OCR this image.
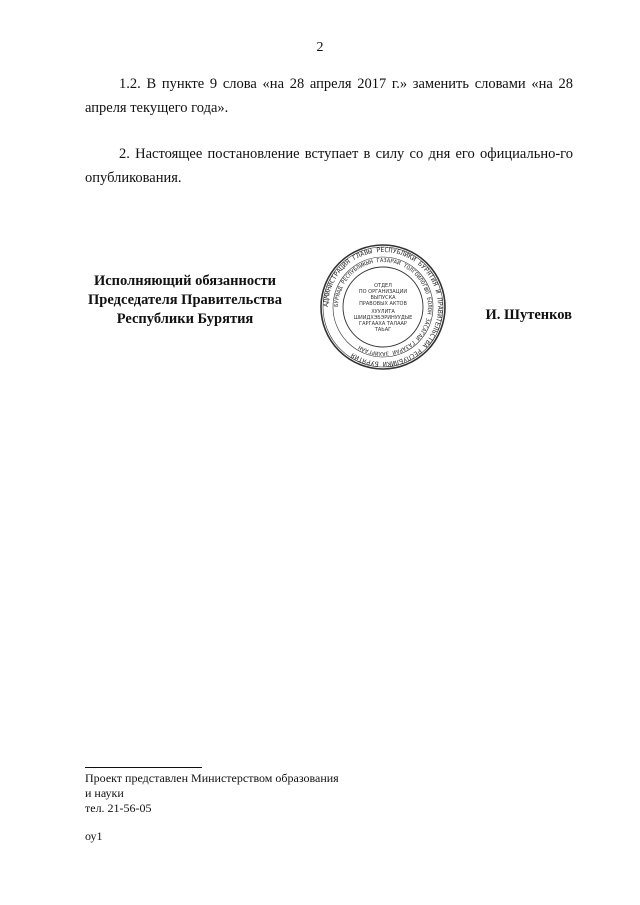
2
1.2. В пункте 9 слова «на 28 апреля 2017 г.» заменить словами «на 28 апреля текущего года».
2. Настоящее постановление вступает в силу со дня его официально-го опубликования.
Исполняющий обязанности
Председателя Правительства
Республики Бурятия
АДМИНИСТРАЦИЯ ГЛАВЫ РЕСПУБЛИКИ БУРЯТИЯ И ПРАВИТЕЛЬСТВА РЕСПУБЛИКИ БУРЯТИЯ
БУРЯАД РЕСПУБЛИКЫН ГАЗАРАЙ ТОЛГОЙЛОГШО БОЛОН ЗАСАГАЙ ГАЗАРАЙ ЗАХИРГААН
ОТДЕЛ
ПО ОРГАНИЗАЦИИ
ВЫПУСКА
ПРАВОВЫХ АКТОВ
ХУУЛИТА
ШИИДХЭБЭРИНУУДЫЕ
ГАРГААХА ТАЛААР
ТАЬАГ
И. Шутенков
Проект представлен Министерством образования
и науки
тел. 21-56-05
оу1
